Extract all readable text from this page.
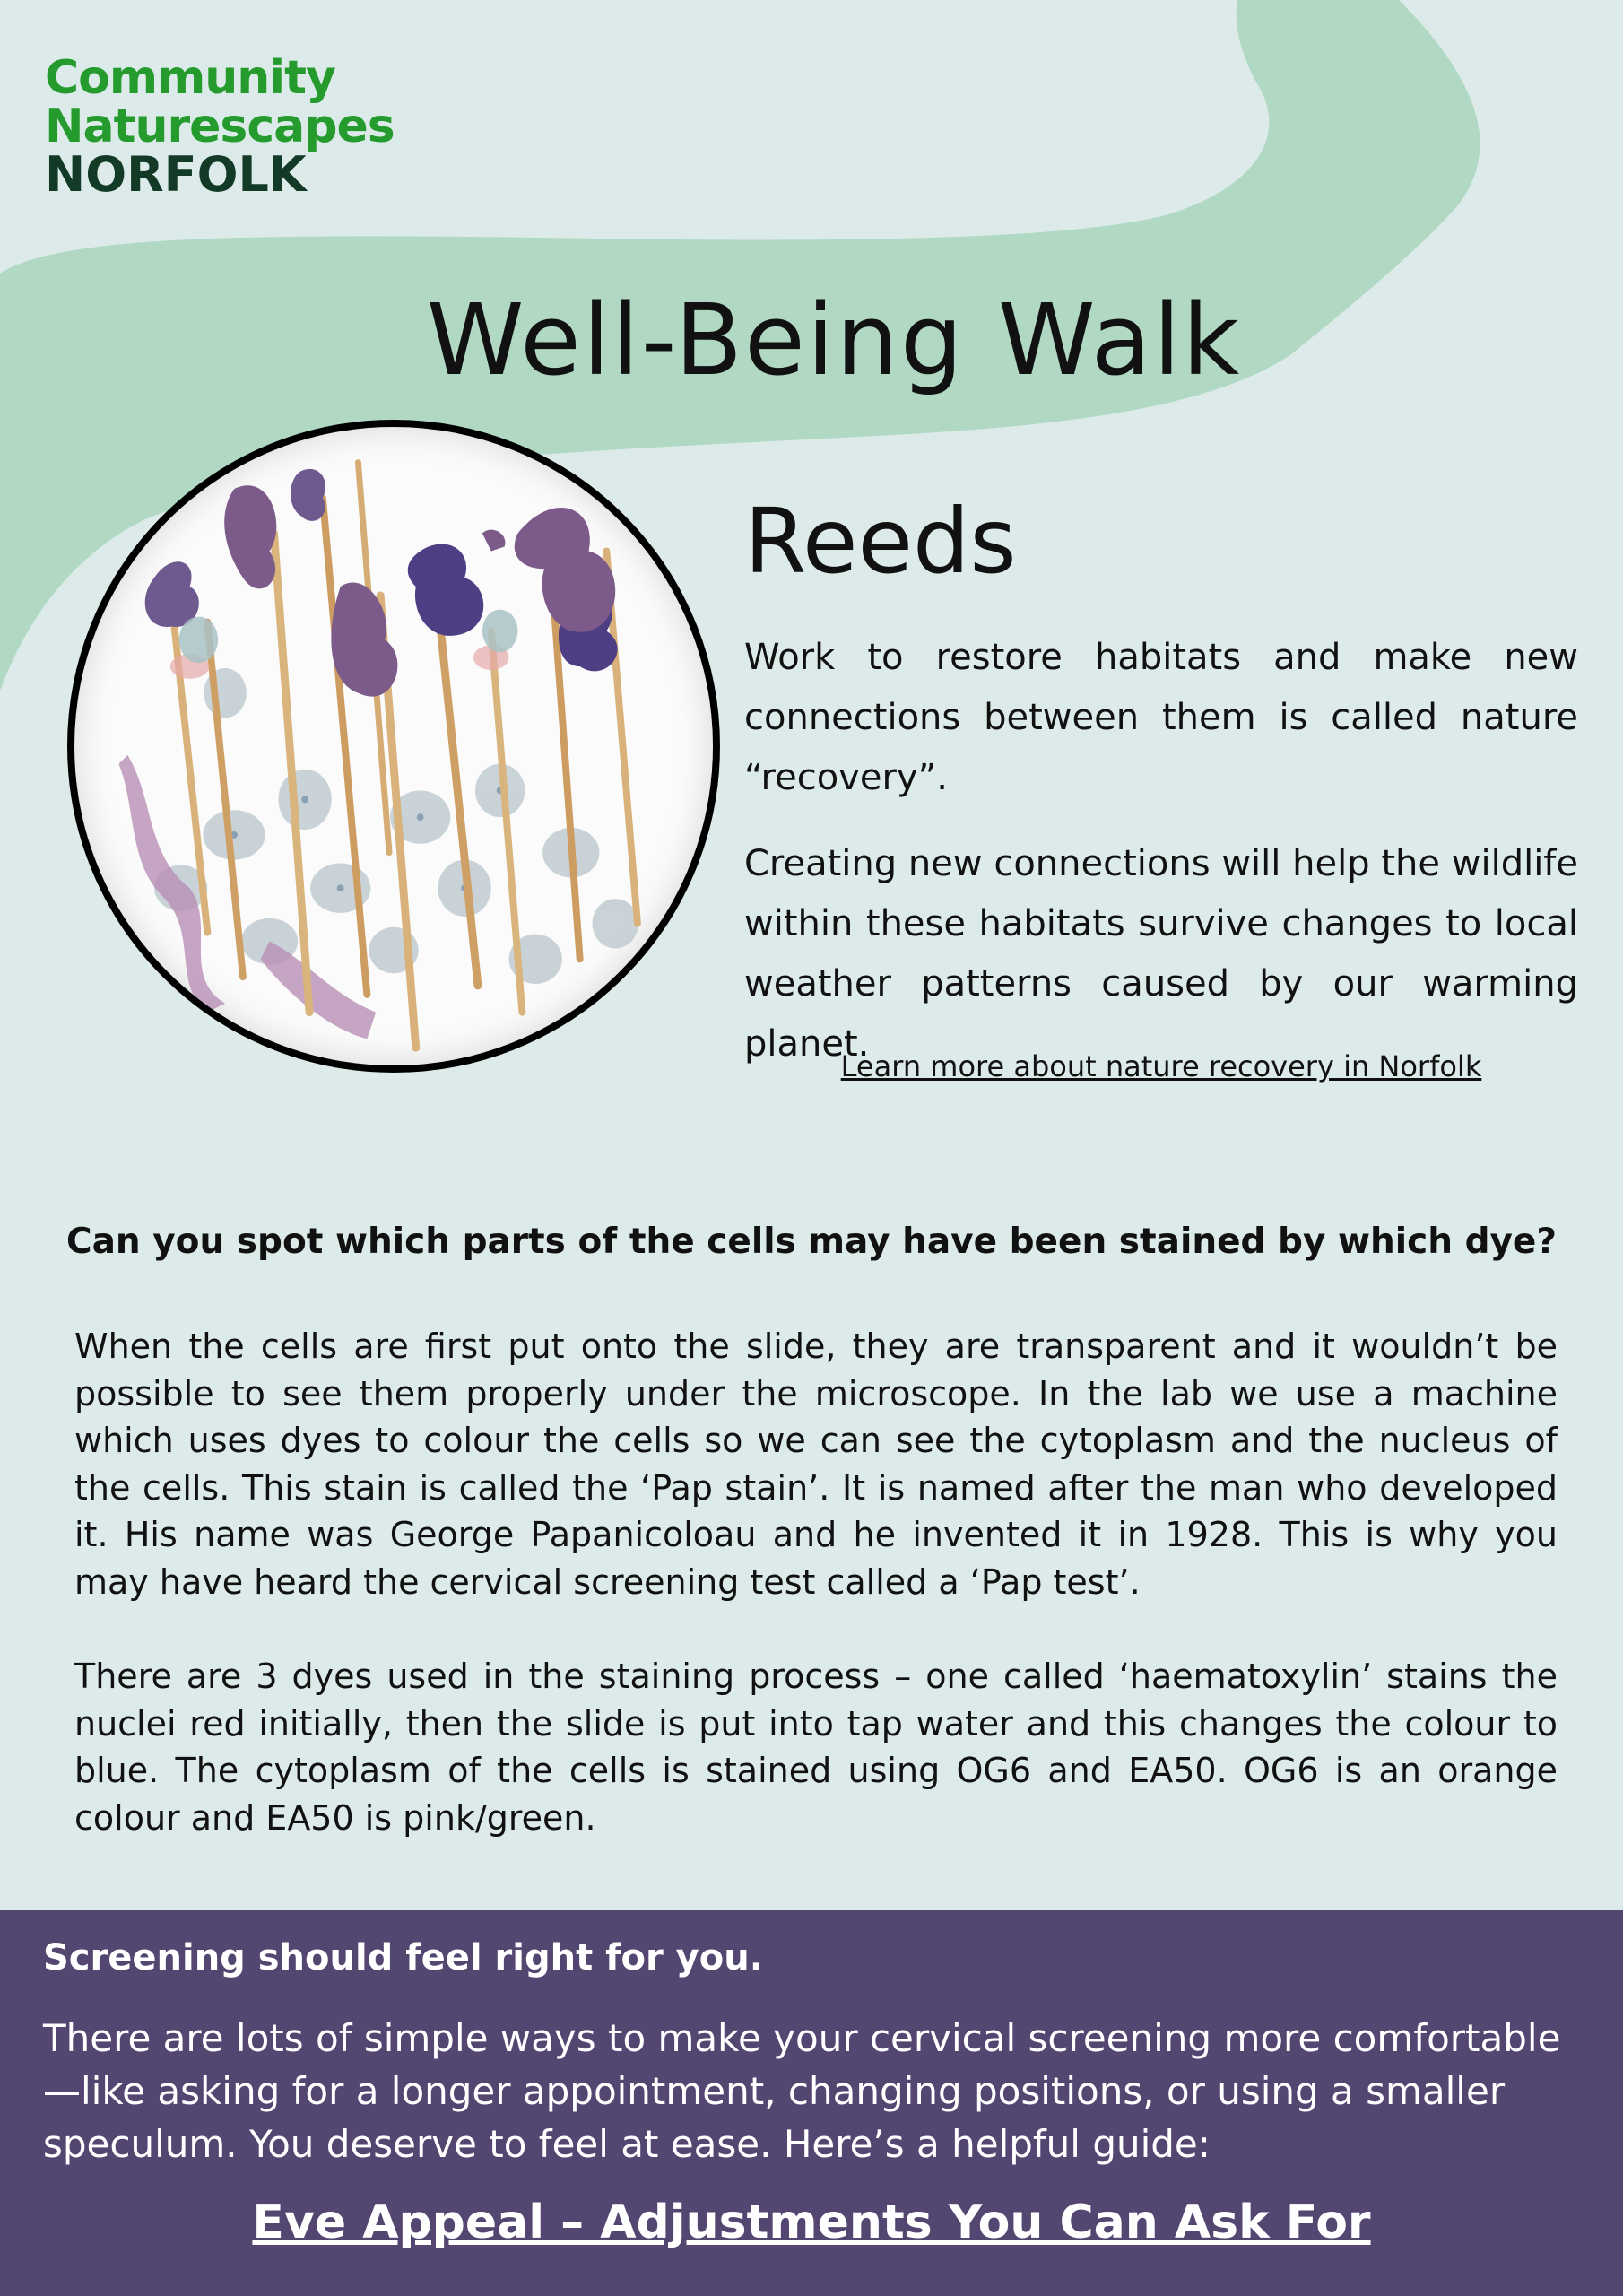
Community
Naturescapes
NORFOLK
Well-Being Walk
Reeds

Work to restore habitats and make new connections between them is called nature “recovery”.

Creating new connections will help the wildlife within these habitats survive changes to local weather patterns caused by our warming planet.

Learn more about nature recovery in Norfolk
Can you spot which parts of the cells may have been stained by which dye?

When the cells are first put onto the slide, they are transparent and it wouldn’t be possible to see them properly under the microscope. In the lab we use a machine which uses dyes to colour the cells so we can see the cytoplasm and the nucleus of the cells. This stain is called the ‘Pap stain’. It is named after the man who developed it. His name was George Papanicoloau and he invented it in 1928. This is why you may have heard the cervical screening test called a ‘Pap test’.

There are 3 dyes used in the staining process – one called ‘haematoxylin’ stains the nuclei red initially, then the slide is put into tap water and this changes the colour to blue. The cytoplasm of the cells is stained using OG6 and EA50. OG6 is an orange colour and EA50 is pink/green.

Screening should feel right for you.

There are lots of simple ways to make your cervical screening more comfortable—like asking for a longer appointment, changing positions, or using a smaller speculum. You deserve to feel at ease. Here’s a helpful guide:

Eve Appeal – Adjustments You Can Ask For
